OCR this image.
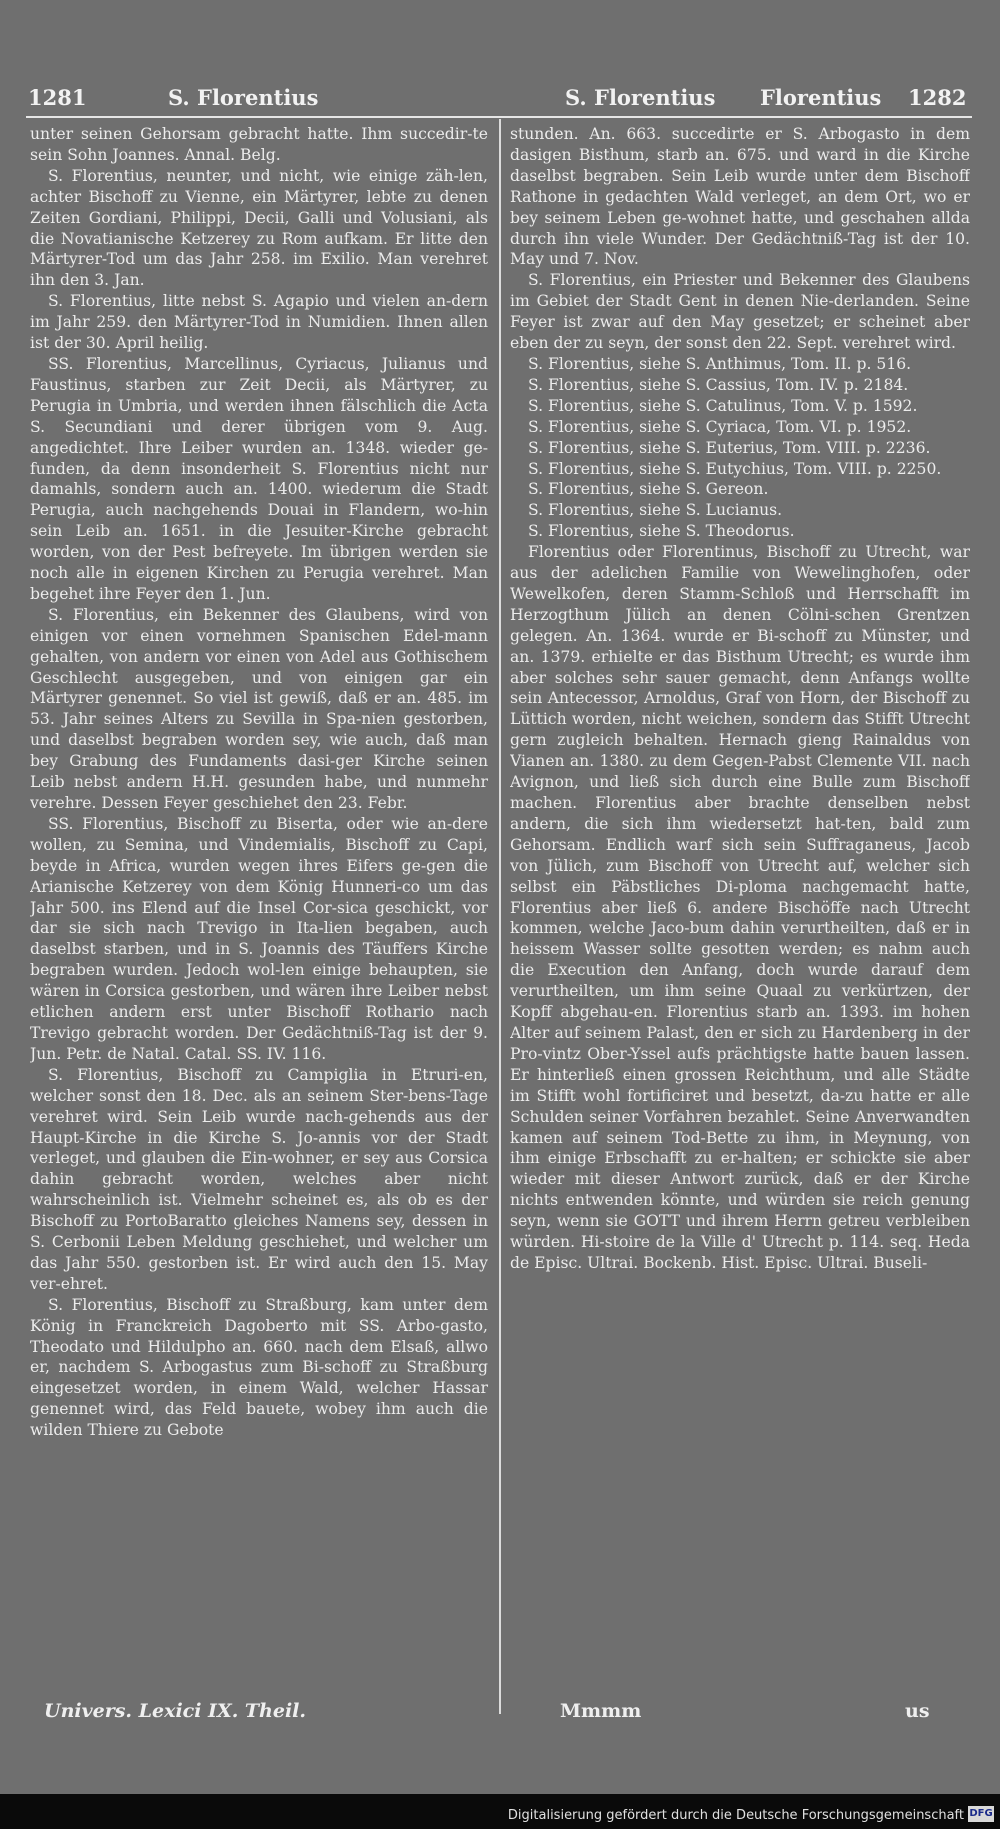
1281	S. Florentius	S. Florentius Florentius 1282

unter seinen Gehorsam gebracht hatte. Ihm succedir-te sein Sohn Joannes. Annal. Belg.

S. Florentius, neunter, und nicht, wie einige zäh-len, achter Bischoff zu Vienne, ein Märtyrer, lebte zu denen Zeiten Gordiani, Philippi, Decii, Galli und Volusiani, als die Novatianische Ketzerey zu Rom aufkam. Er litte den Märtyrer-Tod um das Jahr 258. im Exilio. Man verehret ihn den 3. Jan.

S. Florentius, litte nebst S. Agapio und vielen an-dern im Jahr 259. den Märtyrer-Tod in Numidien. Ihnen allen ist der 30. April heilig.

SS. Florentius, Marcellinus, Cyriacus, Julianus und Faustinus, starben zur Zeit Decii, als Märtyrer, zu Perugia in Umbria, und werden ihnen fälschlich die Acta S. Secundiani und derer übrigen vom 9. Aug. angedichtet. Ihre Leiber wurden an. 1348. wieder ge-funden, da denn insonderheit S. Florentius nicht nur damahls, sondern auch an. 1400. wiederum die Stadt Perugia, auch nachgehends Douai in Flandern, wo-hin sein Leib an. 1651. in die Jesuiter-Kirche gebracht worden, von der Pest befreyete. Im übrigen werden sie noch alle in eigenen Kirchen zu Perugia verehret. Man begehet ihre Feyer den 1. Jun.

S. Florentius, ein Bekenner des Glaubens, wird von einigen vor einen vornehmen Spanischen Edel-mann gehalten, von andern vor einen von Adel aus Gothischem Geschlecht ausgegeben, und von einigen gar ein Märtyrer genennet. So viel ist gewiß, daß er an. 485. im 53. Jahr seines Alters zu Sevilla in Spa-nien gestorben, und daselbst begraben worden sey, wie auch, daß man bey Grabung des Fundaments dasi-ger Kirche seinen Leib nebst andern H.H. gesunden habe, und nunmehr verehre. Dessen Feyer geschiehet den 23. Febr.

SS. Florentius, Bischoff zu Biserta, oder wie an-dere wollen, zu Semina, und Vindemialis, Bischoff zu Capi, beyde in Africa, wurden wegen ihres Eifers ge-gen die Arianische Ketzerey von dem König Hunneri-co um das Jahr 500. ins Elend auf die Insel Cor-sica geschickt, vor dar sie sich nach Trevigo in Ita-lien begaben, auch daselbst starben, und in S. Joannis des Täuffers Kirche begraben wurden. Jedoch wol-len einige behaupten, sie wären in Corsica gestorben, und wären ihre Leiber nebst etlichen andern erst unter Bischoff Rothario nach Trevigo gebracht worden. Der Gedächtniß-Tag ist der 9. Jun. Petr. de Natal. Catal. SS. IV. 116.

S. Florentius, Bischoff zu Campiglia in Etruri-en, welcher sonst den 18. Dec. als an seinem Ster-bens-Tage verehret wird. Sein Leib wurde nach-gehends aus der Haupt-Kirche in die Kirche S. Jo-annis vor der Stadt verleget, und glauben die Ein-wohner, er sey aus Corsica dahin gebracht worden, welches aber nicht wahrscheinlich ist. Vielmehr scheinet es, als ob es der Bischoff zu PortoBaratto gleiches Namens sey, dessen in S. Cerbonii Leben Meldung geschiehet, und welcher um das Jahr 550. gestorben ist. Er wird auch den 15. May ver-ehret.

S. Florentius, Bischoff zu Straßburg, kam unter dem König in Franckreich Dagoberto mit SS. Arbo-gasto, Theodato und Hildulpho an. 660. nach dem Elsaß, allwo er, nachdem S. Arbogastus zum Bi-schoff zu Straßburg eingesetzet worden, in einem Wald, welcher Hassar genennet wird, das Feld bauete, wobey ihm auch die wilden Thiere zu Gebote

stunden. An. 663. succedirte er S. Arbogasto in dem dasigen Bisthum, starb an. 675. und ward in die Kirche daselbst begraben. Sein Leib wurde unter dem Bischoff Rathone in gedachten Wald verleget, an dem Ort, wo er bey seinem Leben ge-wohnet hatte, und geschahen allda durch ihn viele Wunder. Der Gedächtniß-Tag ist der 10. May und 7. Nov.

S. Florentius, ein Priester und Bekenner des Glaubens im Gebiet der Stadt Gent in denen Nie-derlanden. Seine Feyer ist zwar auf den May gesetzet; er scheinet aber eben der zu seyn, der sonst den 22. Sept. verehret wird.

S. Florentius, siehe S. Anthimus, Tom. II. p. 516.

S. Florentius, siehe S. Cassius, Tom. IV. p. 2184.

S. Florentius, siehe S. Catulinus, Tom. V. p. 1592.

S. Florentius, siehe S. Cyriaca, Tom. VI. p. 1952.

S. Florentius, siehe S. Euterius, Tom. VIII. p. 2236.

S. Florentius, siehe S. Eutychius, Tom. VIII. p. 2250.

S. Florentius, siehe S. Gereon.

S. Florentius, siehe S. Lucianus.

S. Florentius, siehe S. Theodorus.

Florentius oder Florentinus, Bischoff zu Utrecht, war aus der adelichen Familie von Wewelinghofen, oder Wewelkofen, deren Stamm-Schloß und Herrschafft im Herzogthum Jülich an denen Cölni-schen Grentzen gelegen. An. 1364. wurde er Bi-schoff zu Münster, und an. 1379. erhielte er das Bisthum Utrecht; es wurde ihm aber solches sehr sauer gemacht, denn Anfangs wollte sein Antecessor, Arnoldus, Graf von Horn, der Bischoff zu Lüttich worden, nicht weichen, sondern das Stifft Utrecht gern zugleich behalten. Hernach gieng Rainaldus von Vianen an. 1380. zu dem Gegen-Pabst Clemente VII. nach Avignon, und ließ sich durch eine Bulle zum Bischoff machen. Florentius aber brachte denselben nebst andern, die sich ihm wiedersetzt hat-ten, bald zum Gehorsam. Endlich warf sich sein Suffraganeus, Jacob von Jülich, zum Bischoff von Utrecht auf, welcher sich selbst ein Päbstliches Di-ploma nachgemacht hatte, Florentius aber ließ 6. andere Bischöffe nach Utrecht kommen, welche Jaco-bum dahin verurtheilten, daß er in heissem Wasser sollte gesotten werden; es nahm auch die Execution den Anfang, doch wurde darauf dem verurtheilten, um ihm seine Quaal zu verkürtzen, der Kopff abgehau-en. Florentius starb an. 1393. im hohen Alter auf seinem Palast, den er sich zu Hardenberg in der Pro-vintz Ober-Yssel aufs prächtigste hatte bauen lassen. Er hinterließ einen grossen Reichthum, und alle Städte im Stifft wohl fortificiret und besetzt, da-zu hatte er alle Schulden seiner Vorfahren bezahlet. Seine Anverwandten kamen auf seinem Tod-Bette zu ihm, in Meynung, von ihm einige Erbschafft zu er-halten; er schickte sie aber wieder mit dieser Antwort zurück, daß er der Kirche nichts entwenden könnte, und würden sie reich genung seyn, wenn sie GOTT und ihrem Herrn getreu verbleiben würden. Hi-stoire de la Ville d' Utrecht p. 114. seq. Heda de Episc. Ultrai. Bockenb. Hist. Episc. Ultrai. Buseli-

Univers. Lexici IX. Theil.	Mmmm	us
Digitalisierung gefördert durch die Deutsche Forschungsgemeinschaft DFG
